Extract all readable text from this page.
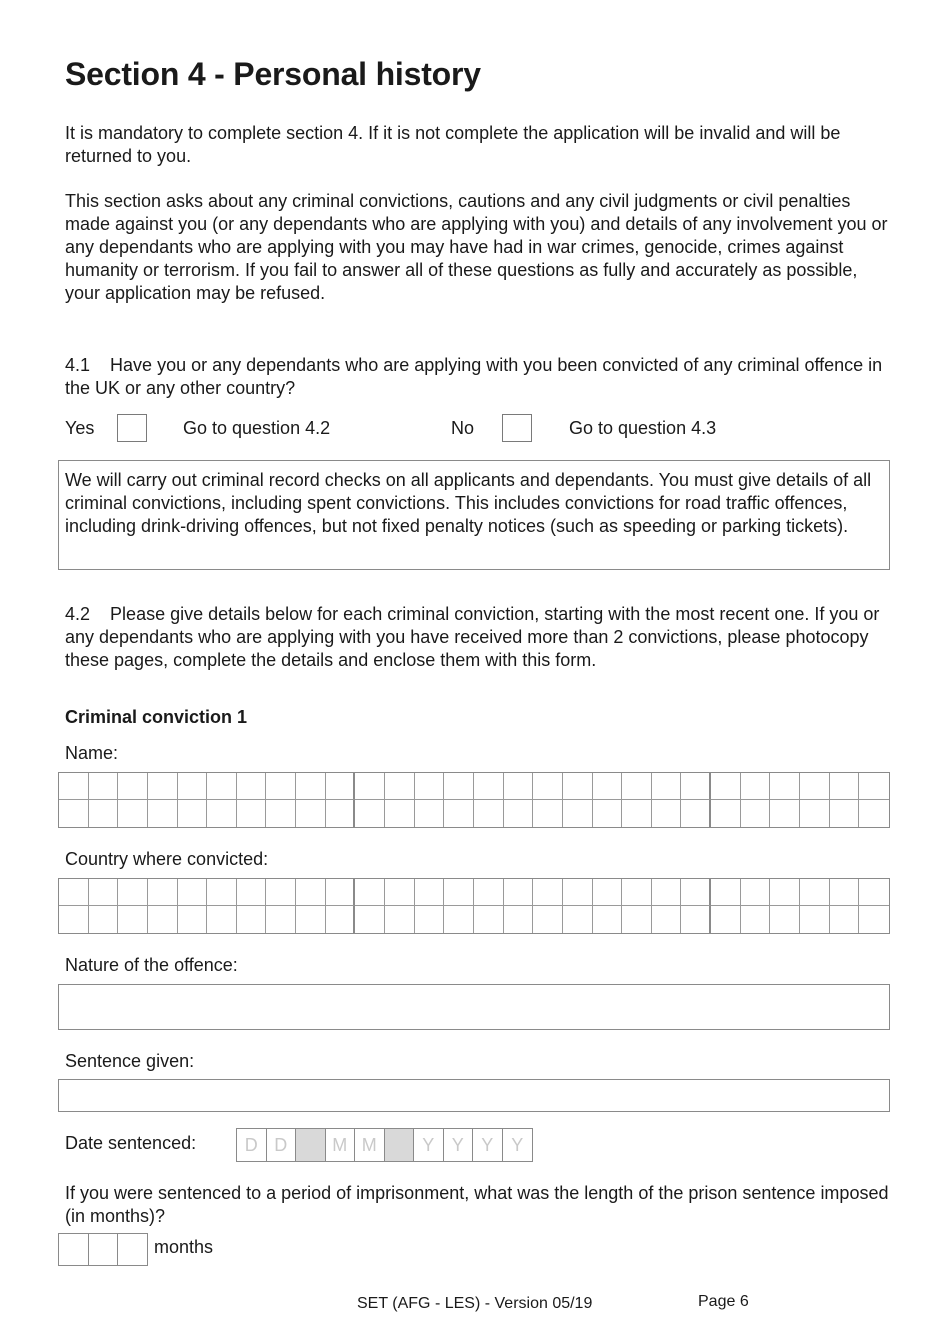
Section 4 - Personal history

It is mandatory to complete section 4. If it is not complete the application will be invalid and will be returned to you.

This section asks about any criminal convictions, cautions and any civil judgments or civil penalties made against you (or any dependants who are applying with you) and details of any involvement you or any dependants who are applying with you may have had in war crimes, genocide, crimes against humanity or terrorism. If you fail to answer all of these questions as fully and accurately as possible, your application may be refused.

4.1 Have you or any dependants who are applying with you been convicted of any criminal offence in the UK or any other country?

Yes	Go to question 4.2	No	Go to question 4.3
We will carry out criminal record checks on all applicants and dependants. You must give details of all criminal convictions, including spent convictions. This includes convictions for road traffic offences, including drink-driving offences, but not fixed penalty notices (such as speeding or parking tickets).

4.2 Please give details below for each criminal conviction, starting with the most recent one. If you or any dependants who are applying with you have received more than 2 convictions, please photocopy these pages, complete the details and enclose them with this form.

Criminal conviction 1
Name:
Country where convicted:
Nature of the offence:
Sentence given:
Date sentenced:	D D	M M	Y Y Y Y

If you were sentenced to a period of imprisonment, what was the length of the prison sentence imposed (in months)?

months
SET (AFG - LES) - Version 05/19	Page 6
